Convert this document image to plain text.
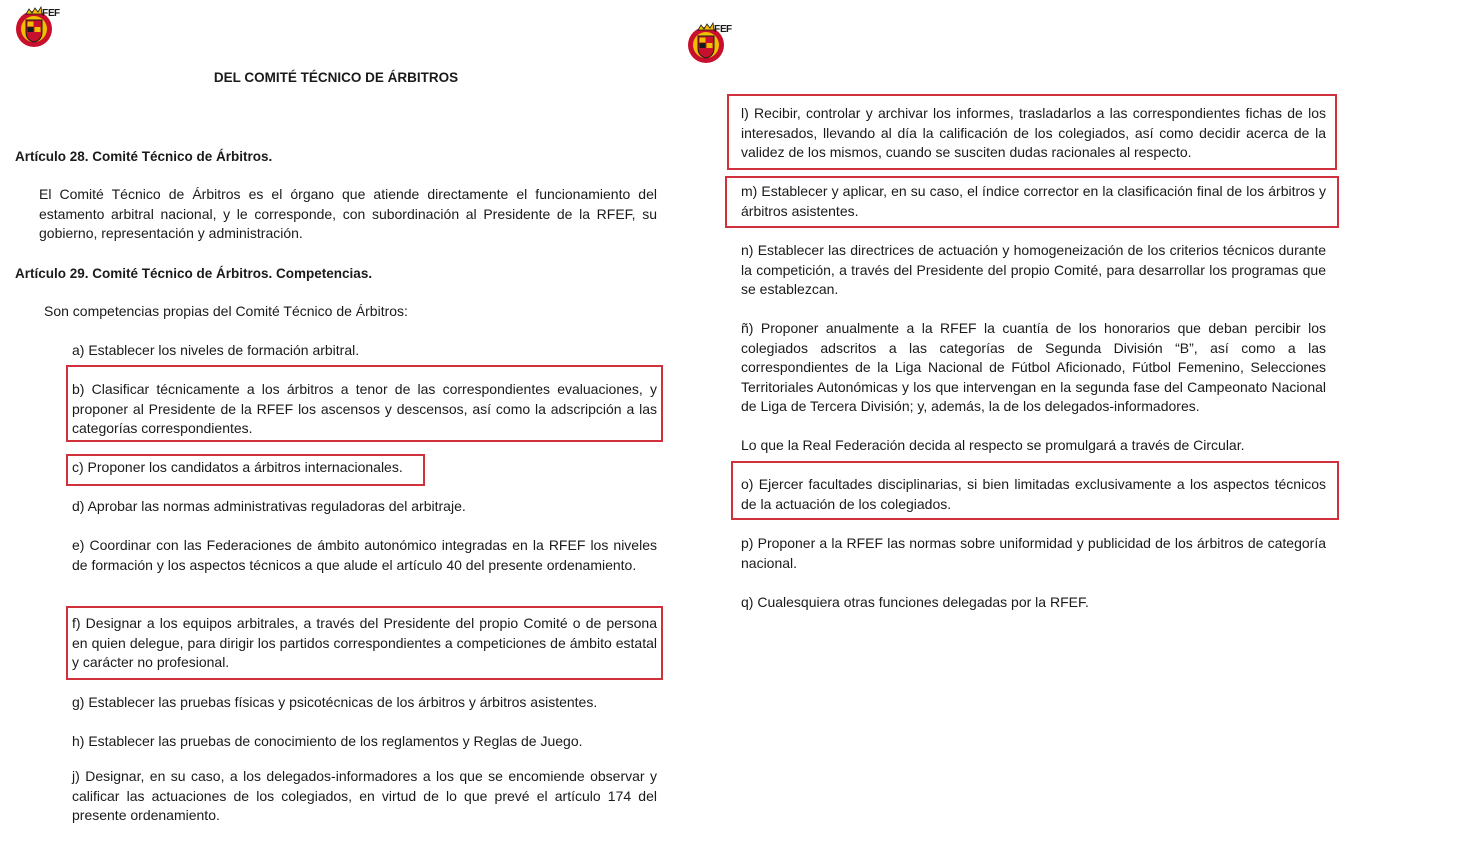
F E F
DEL COMITÉ TÉCNICO DE ÁRBITROS
Artículo 28. Comité Técnico de Árbitros.

El Comité Técnico de Árbitros es el órgano que atiende directamente el funcionamiento del estamento arbitral nacional, y le corresponde, con subordinación al Presidente de la RFEF, su gobierno, representación y administración.

Artículo 29. Comité Técnico de Árbitros. Competencias.

Son competencias propias del Comité Técnico de Árbitros:

a) Establecer los niveles de formación arbitral.

b) Clasificar técnicamente a los árbitros a tenor de las correspondientes evaluaciones, y proponer al Presidente de la RFEF los ascensos y descensos, así como la adscripción a las categorías correspondientes.

c) Proponer los candidatos a árbitros internacionales.

d) Aprobar las normas administrativas reguladoras del arbitraje.

e) Coordinar con las Federaciones de ámbito autonómico integradas en la RFEF los niveles de formación y los aspectos técnicos a que alude el artículo 40 del presente ordenamiento.

f) Designar a los equipos arbitrales, a través del Presidente del propio Comité o de persona en quien delegue, para dirigir los partidos correspondientes a competiciones de ámbito estatal y carácter no profesional.

g) Establecer las pruebas físicas y psicotécnicas de los árbitros y árbitros asistentes.

h) Establecer las pruebas de conocimiento de los reglamentos y Reglas de Juego.

j) Designar, en su caso, a los delegados-informadores a los que se encomiende observar y calificar las actuaciones de los colegiados, en virtud de lo que prevé el artículo 174 del presente ordenamiento.

F E F

l) Recibir, controlar y archivar los informes, trasladarlos a las correspondientes fichas de los interesados, llevando al día la calificación de los colegiados, así como decidir acerca de la validez de los mismos, cuando se susciten dudas racionales al respecto.

m) Establecer y aplicar, en su caso, el índice corrector en la clasificación final de los árbitros y árbitros asistentes.

n) Establecer las directrices de actuación y homogeneización de los criterios técnicos durante la competición, a través del Presidente del propio Comité, para desarrollar los programas que se establezcan.

ñ) Proponer anualmente a la RFEF la cuantía de los honorarios que deban percibir los colegiados adscritos a las categorías de Segunda División “B”, así como a las correspondientes de la Liga Nacional de Fútbol Aficionado, Fútbol Femenino, Selecciones Territoriales Autonómicas y los que intervengan en la segunda fase del Campeonato Nacional de Liga de Tercera División; y, además, la de los delegados-informadores.

Lo que la Real Federación decida al respecto se promulgará a través de Circular.

o) Ejercer facultades disciplinarias, si bien limitadas exclusivamente a los aspectos técnicos de la actuación de los colegiados.

p) Proponer a la RFEF las normas sobre uniformidad y publicidad de los árbitros de categoría nacional.

q) Cualesquiera otras funciones delegadas por la RFEF.
